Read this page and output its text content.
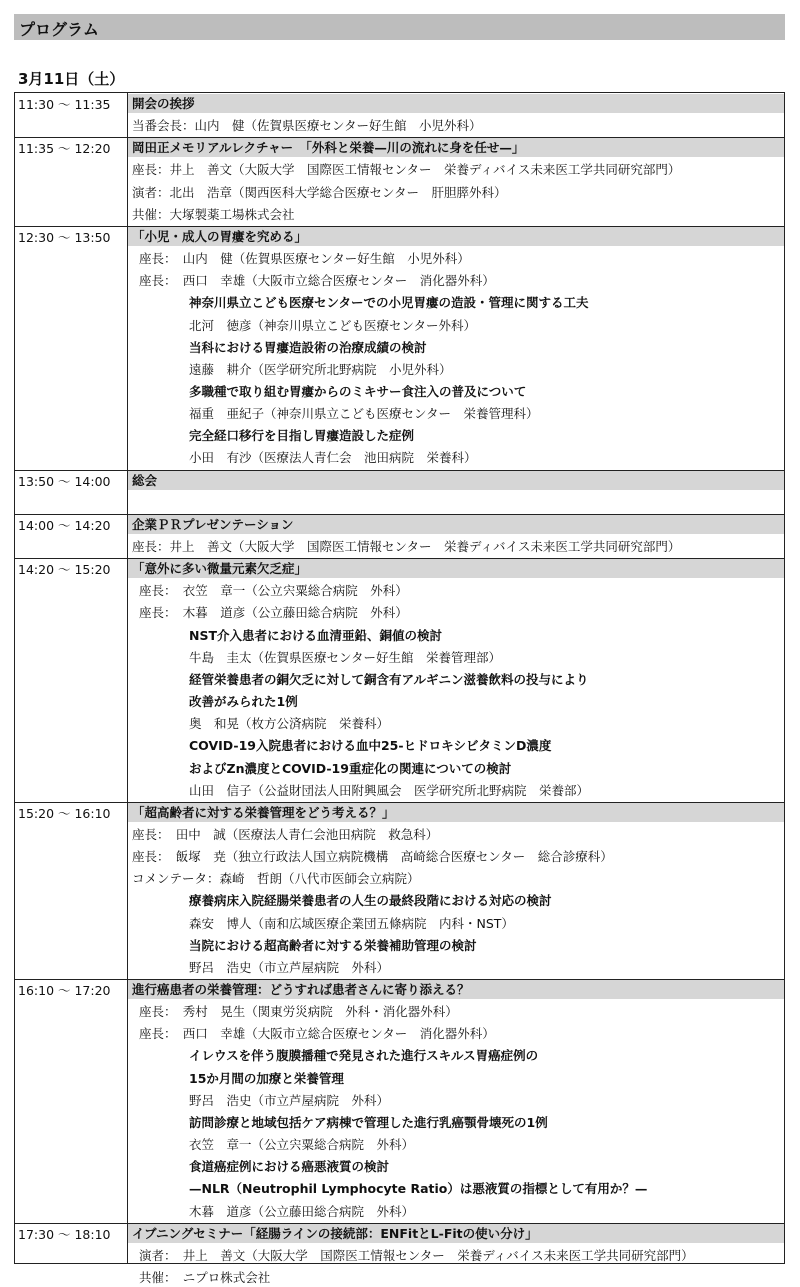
プログラム
3月11日（土）
11:30 ～ 11:35 開会の挨拶
当番会長：山内　健（佐賀県医療センター好生館　小児外科）
11:35 ～ 12:20 岡田正メモリアルレクチャー　「外科と栄養—川の流れに身を任せ—」
座長：井上　善文（大阪大学　国際医工情報センター　栄養ディバイス未来医工学共同研究部門）
演者：北出　浩章（関西医科大学総合医療センター　肝胆膵外科）
共催：大塚製薬工場株式会社
12:30 ～ 13:50 「小児・成人の胃瘻を究める」
座長：　山内　健（佐賀県医療センター好生館　小児外科）
座長：　西口　幸雄（大阪市立総合医療センター　消化器外科）
神奈川県立こども医療センターでの小児胃瘻の造設・管理に関する工夫
北河　徳彦（神奈川県立こども医療センター外科）
当科における胃瘻造設術の治療成績の検討
遠藤　耕介（医学研究所北野病院　小児外科）
多職種で取り組む胃瘻からのミキサー食注入の普及について
福重　亜紀子（神奈川県立こども医療センター　栄養管理科）
完全経口移行を目指し胃瘻造設した症例
小田　有沙（医療法人青仁会　池田病院　栄養科）
13:50 ～ 14:00 総会
14:00 ～ 14:20 企業ＰＲプレゼンテーション
座長：井上　善文（大阪大学　国際医工情報センター　栄養ディバイス未来医工学共同研究部門）
14:20 ～ 15:20 「意外に多い微量元素欠乏症」
座長：　衣笠　章一（公立宍粟総合病院　外科）
座長：　木暮　道彦（公立藤田総合病院　外科）
NST介入患者における血清亜鉛、銅値の検討
牛島　圭太（佐賀県医療センター好生館　栄養管理部）
経管栄養患者の銅欠乏に対して銅含有アルギニン滋養飲料の投与により
改善がみられた1例
奥　和晃（枚方公済病院　栄養科）
COVID-19入院患者における血中25-ヒドロキシビタミンD濃度
およびZn濃度とCOVID-19重症化の関連についての検討
山田　信子（公益財団法人田附興風会　医学研究所北野病院　栄養部）
15:20 ～ 16:10 「超高齢者に対する栄養管理をどう考える？」
座長：　田中　誠（医療法人青仁会池田病院　救急科）
座長：　飯塚　尭（独立行政法人国立病院機構　高崎総合医療センター　総合診療科）
コメンテータ：森崎　哲朗（八代市医師会立病院）
療養病床入院経腸栄養患者の人生の最終段階における対応の検討
森安　博人（南和広域医療企業団五條病院　内科・NST）
当院における超高齢者に対する栄養補助管理の検討
野呂　浩史（市立芦屋病院　外科）
16:10 ～ 17:20 進行癌患者の栄養管理：どうすれば患者さんに寄り添える？
座長：　秀村　晃生（関東労災病院　外科・消化器外科）
座長：　西口　幸雄（大阪市立総合医療センター　消化器外科）
イレウスを伴う腹膜播種で発見された進行スキルス胃癌症例の
15か月間の加療と栄養管理
野呂　浩史（市立芦屋病院　外科）
訪問診療と地域包括ケア病棟で管理した進行乳癌顎骨壊死の1例
衣笠　章一（公立宍粟総合病院　外科）
食道癌症例における癌悪液質の検討
—NLR（Neutrophil Lymphocyte Ratio）は悪液質の指標として有用か？—
木暮　道彦（公立藤田総合病院　外科）
17:30 ～ 18:10 イブニングセミナー「経腸ラインの接続部：ENFitとL-Fitの使い分け」
演者：　井上　善文（大阪大学　国際医工情報センター　栄養ディバイス未来医工学共同研究部門）
共催：　ニプロ株式会社
